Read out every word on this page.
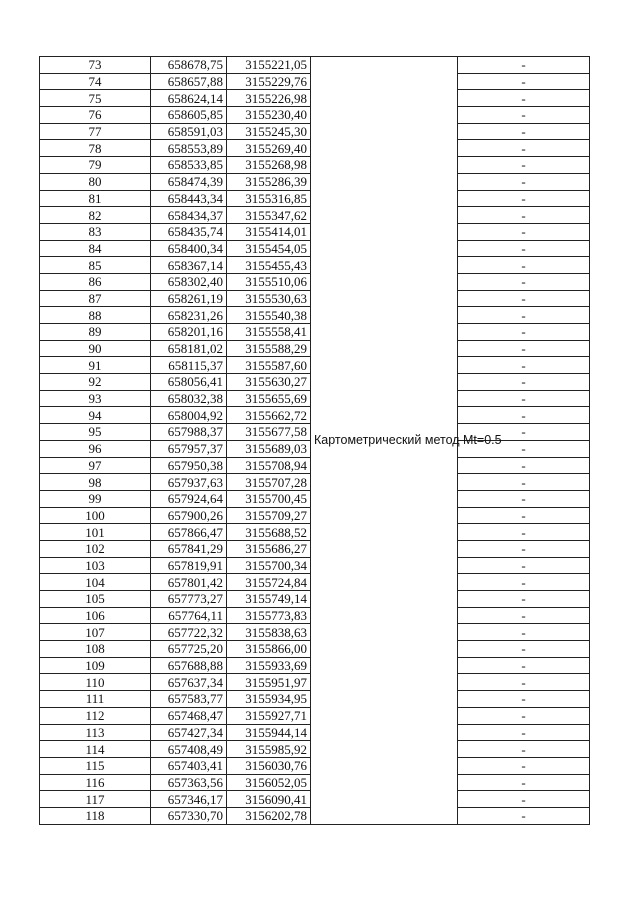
73	658678,75	3155221,05	Картометрический метод Mt=0.5	-
74	658657,88	3155229,76		-
75	658624,14	3155226,98		-
76	658605,85	3155230,40		-
77	658591,03	3155245,30		-
78	658553,89	3155269,40		-
79	658533,85	3155268,98		-
80	658474,39	3155286,39		-
81	658443,34	3155316,85		-
82	658434,37	3155347,62		-
83	658435,74	3155414,01		-
84	658400,34	3155454,05		-
85	658367,14	3155455,43		-
86	658302,40	3155510,06		-
87	658261,19	3155530,63		-
88	658231,26	3155540,38		-
89	658201,16	3155558,41		-
90	658181,02	3155588,29		-
91	658115,37	3155587,60		-
92	658056,41	3155630,27		-
93	658032,38	3155655,69		-
94	658004,92	3155662,72		-
95	657988,37	3155677,58		-
96	657957,37	3155689,03		-
97	657950,38	3155708,94		-
98	657937,63	3155707,28		-
99	657924,64	3155700,45		-
100	657900,26	3155709,27		-
101	657866,47	3155688,52		-
102	657841,29	3155686,27		-
103	657819,91	3155700,34		-
104	657801,42	3155724,84		-
105	657773,27	3155749,14		-
106	657764,11	3155773,83		-
107	657722,32	3155838,63		-
108	657725,20	3155866,00		-
109	657688,88	3155933,69		-
110	657637,34	3155951,97		-
111	657583,77	3155934,95		-
112	657468,47	3155927,71		-
113	657427,34	3155944,14		-
114	657408,49	3155985,92		-
115	657403,41	3156030,76		-
116	657363,56	3156052,05		-
117	657346,17	3156090,41		-
118	657330,70	3156202,78		-
